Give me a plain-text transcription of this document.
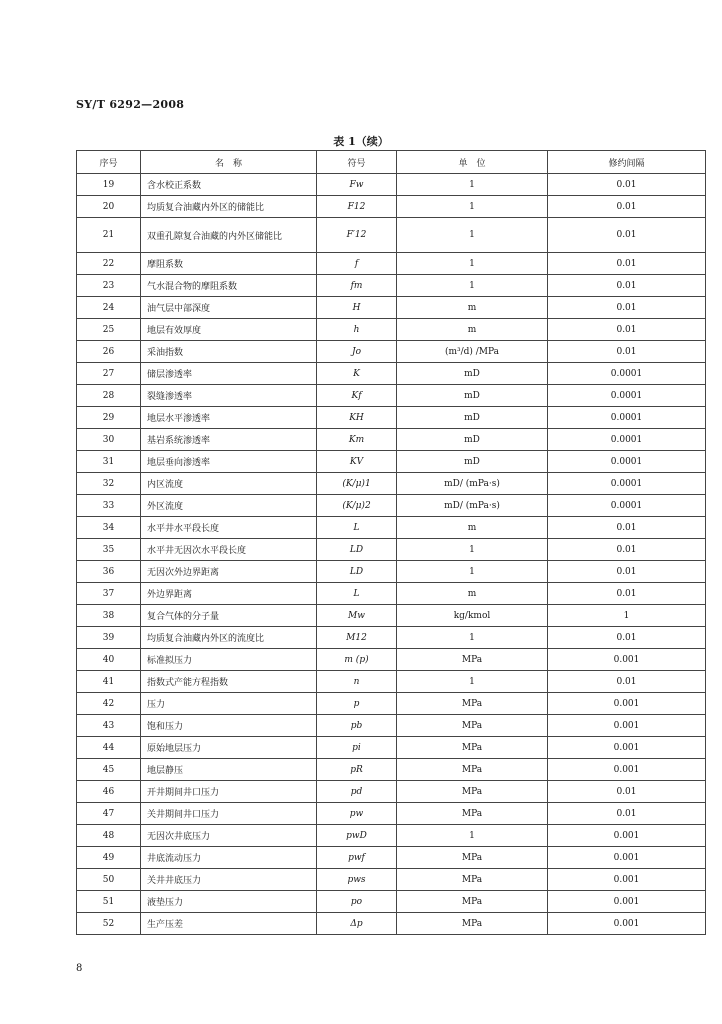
SY/T 6292—2008
表 1（续）
序号	名　称	符号	单　位	修约间隔
19	含水校正系数	Fw	1	0.01
20	均质复合油藏内外区的储能比	F12	1	0.01
21	双重孔隙复合油藏的内外区储能比	F′12	1	0.01
22	摩阻系数	f	1	0.01
23	气水混合物的摩阻系数	fm	1	0.01
24	油气层中部深度	H	m	0.01
25	地层有效厚度	h	m	0.01
26	采油指数	Jo	(m³/d) /MPa	0.01
27	储层渗透率	K	mD	0.0001
28	裂缝渗透率	Kf	mD	0.0001
29	地层水平渗透率	KH	mD	0.0001
30	基岩系统渗透率	Km	mD	0.0001
31	地层垂向渗透率	KV	mD	0.0001
32	内区流度	(K/μ)1	mD/ (mPa·s)	0.0001
33	外区流度	(K/μ)2	mD/ (mPa·s)	0.0001
34	水平井水平段长度	L	m	0.01
35	水平井无因次水平段长度	LD	1	0.01
36	无因次外边界距离	LD	1	0.01
37	外边界距离	L	m	0.01
38	复合气体的分子量	Mw	kg/kmol	1
39	均质复合油藏内外区的流度比	M12	1	0.01
40	标准拟压力	m (p)	MPa	0.001
41	指数式产能方程指数	n	1	0.01
42	压力	p	MPa	0.001
43	饱和压力	pb	MPa	0.001
44	原始地层压力	pi	MPa	0.001
45	地层静压	pR	MPa	0.001
46	开井期间井口压力	pd	MPa	0.01
47	关井期间井口压力	pw	MPa	0.01
48	无因次井底压力	pwD	1	0.001
49	井底流动压力	pwf	MPa	0.001
50	关井井底压力	pws	MPa	0.001
51	液垫压力	po	MPa	0.001
52	生产压差	Δp	MPa	0.001
8
